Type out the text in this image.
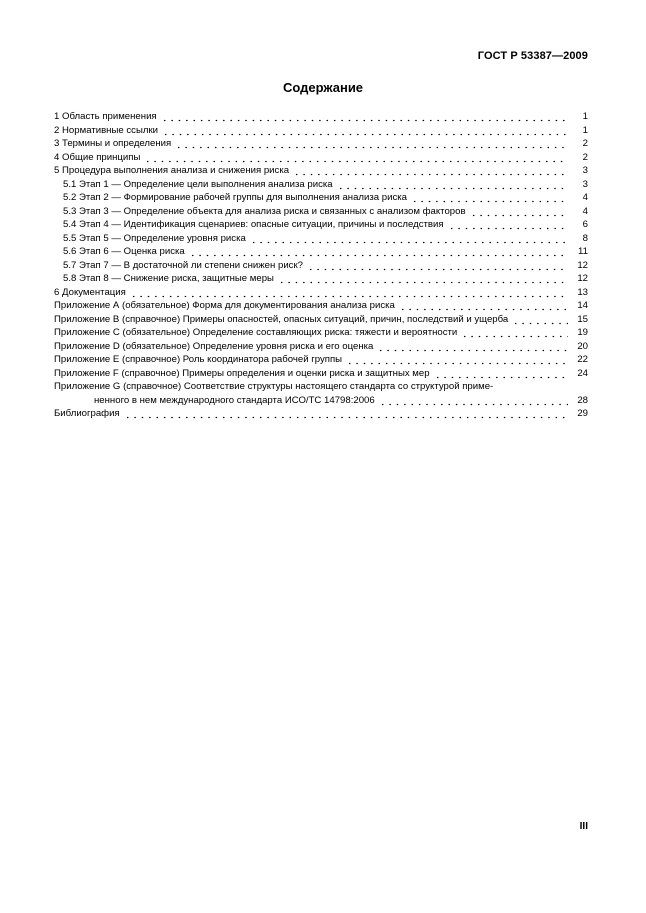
ГОСТ Р 53387—2009
Содержание
1 Область применения	1
2 Нормативные ссылки	1
3 Термины и определения	2
4 Общие принципы	2
5 Процедура выполнения анализа и снижения риска	3
5.1 Этап 1 — Определение цели выполнения анализа риска	3
5.2 Этап 2 — Формирование рабочей группы для выполнения анализа риска	4
5.3 Этап 3 — Определение объекта для анализа риска и связанных с анализом факторов	4
5.4 Этап 4 — Идентификация сценариев: опасные ситуации, причины и последствия	6
5.5 Этап 5 — Определение уровня риска	8
5.6 Этап 6 — Оценка риска	11
5.7 Этап 7 — В достаточной ли степени снижен риск?	12
5.8 Этап 8 — Снижение риска, защитные меры	12
6 Документация	13
Приложение А (обязательное) Форма для документирования анализа риска	14
Приложение В (справочное) Примеры опасностей, опасных ситуаций, причин, последствий и ущерба	15
Приложение С (обязательное) Определение составляющих риска: тяжести и вероятности	19
Приложение D (обязательное) Определение уровня риска и его оценка	20
Приложение Е (справочное) Роль координатора рабочей группы	22
Приложение F (справочное) Примеры определения и оценки риска и защитных мер	24
Приложение G (справочное) Соответствие структуры настоящего стандарта со структурой приме-
ненного в нем международного стандарта ИСО/ТС 14798:2006	28
Библиография	29
III
